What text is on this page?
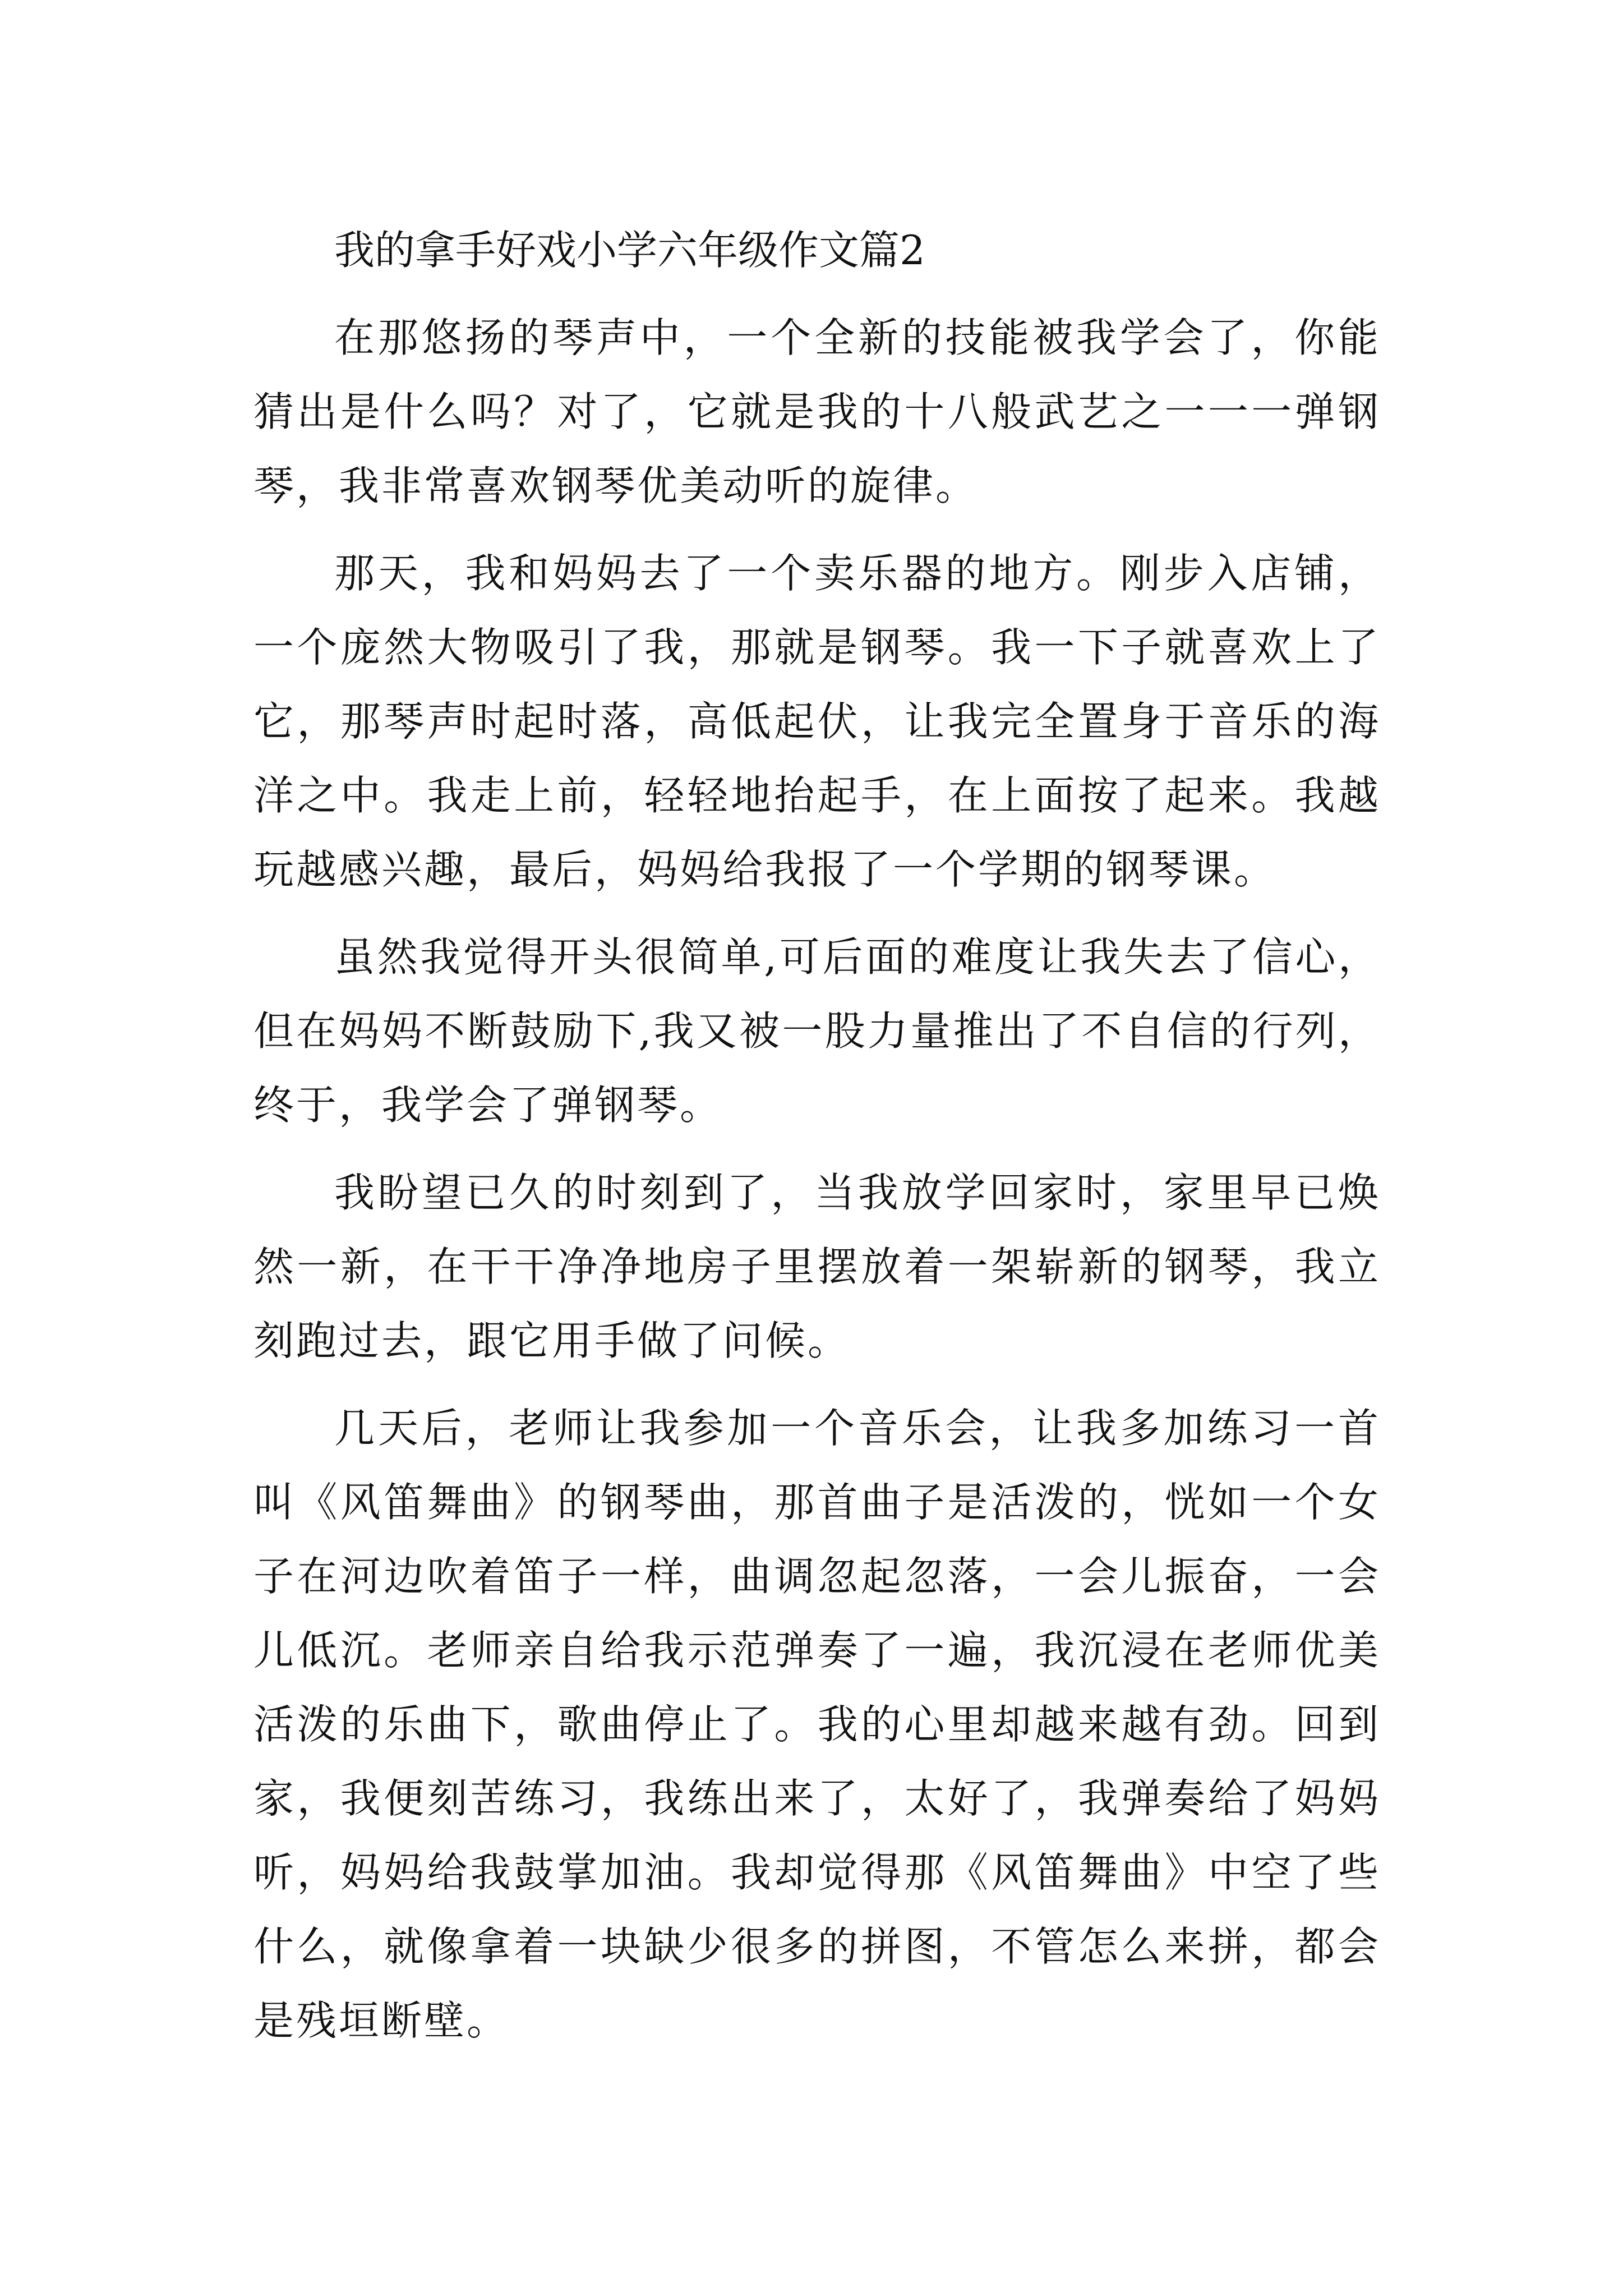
我的拿手好戏小学六年级作文篇2

在那悠扬的琴声中，一个全新的技能被我学会了，你能猜出是什么吗？对了，它就是我的十八般武艺之一一一弹钢琴，我非常喜欢钢琴优美动听的旋律。

那天，我和妈妈去了一个卖乐器的地方。刚步入店铺，一个庞然大物吸引了我，那就是钢琴。我一下子就喜欢上了它，那琴声时起时落，高低起伏，让我完全置身于音乐的海洋之中。我走上前，轻轻地抬起手，在上面按了起来。我越玩越感兴趣，最后，妈妈给我报了一个学期的钢琴课。

虽然我觉得开头很简单,可后面的难度让我失去了信心，但在妈妈不断鼓励下,我又被一股力量推出了不自信的行列，终于，我学会了弹钢琴。

我盼望已久的时刻到了，当我放学回家时，家里早已焕然一新，在干干净净地房子里摆放着一架崭新的钢琴，我立刻跑过去，跟它用手做了问候。

几天后，老师让我参加一个音乐会，让我多加练习一首叫《风笛舞曲》的钢琴曲，那首曲子是活泼的，恍如一个女子在河边吹着笛子一样，曲调忽起忽落，一会儿振奋，一会儿低沉。老师亲自给我示范弹奏了一遍，我沉浸在老师优美活泼的乐曲下，歌曲停止了。我的心里却越来越有劲。回到家，我便刻苦练习，我练出来了，太好了，我弹奏给了妈妈听，妈妈给我鼓掌加油。我却觉得那《风笛舞曲》中空了些什么，就像拿着一块缺少很多的拼图，不管怎么来拼，都会是残垣断壁。
